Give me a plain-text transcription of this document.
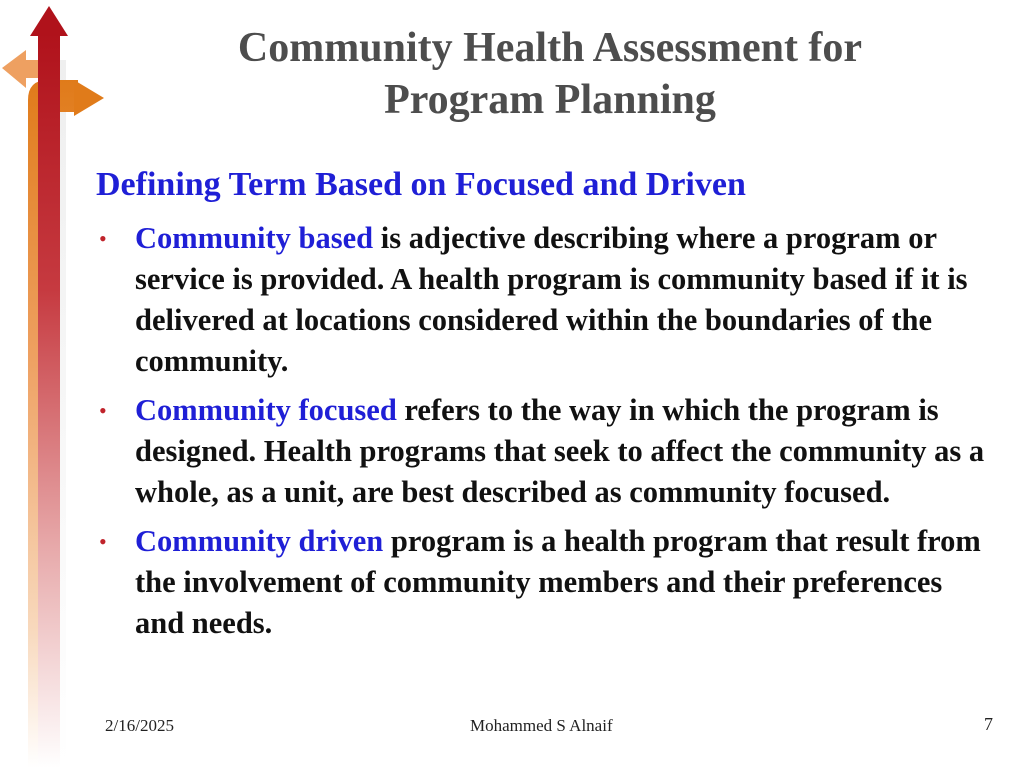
Community Health Assessment for
Program Planning
Defining Term Based on Focused and Driven
• Community based is adjective describing where a program or service is provided. A health program is community based if it is delivered at locations considered within the boundaries of the community.
• Community focused refers to the way in which the program is designed. Health programs that seek to affect the community as a whole, as a unit, are best described as community focused.
• Community driven program is a health program that result from the involvement of community members and their preferences and needs.
2/16/2025	Mohammed S Alnaif	7
